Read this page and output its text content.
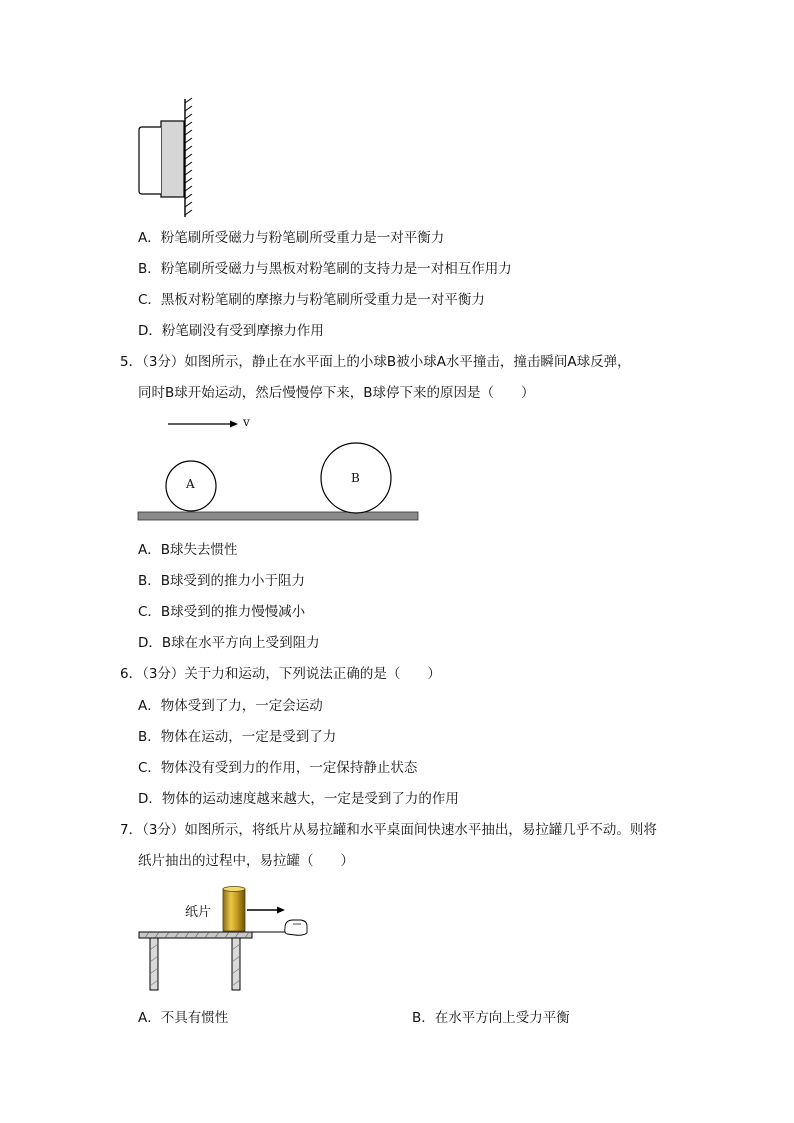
A．粉笔刷所受磁力与粉笔刷所受重力是一对平衡力
B．粉笔刷所受磁力与黑板对粉笔刷的支持力是一对相互作用力
C．黑板对粉笔刷的摩擦力与粉笔刷所受重力是一对平衡力
D．粉笔刷没有受到摩擦力作用
5．（3分）如图所示，静止在水平面上的小球B被小球A水平撞击，撞击瞬间A球反弹，
同时B球开始运动，然后慢慢停下来，B球停下来的原因是（　　）
v
A	B
A．B球失去惯性
B．B球受到的推力小于阻力
C．B球受到的推力慢慢减小
D．B球在水平方向上受到阻力
6．（3分）关于力和运动，下列说法正确的是（　　）
A．物体受到了力，一定会运动
B．物体在运动，一定是受到了力
C．物体没有受到力的作用，一定保持静止状态
D．物体的运动速度越来越大，一定是受到了力的作用
7．（3分）如图所示，将纸片从易拉罐和水平桌面间快速水平抽出，易拉罐几乎不动。则将
纸片抽出的过程中，易拉罐（　　）
纸片
A．不具有惯性	B．在水平方向上受力平衡
